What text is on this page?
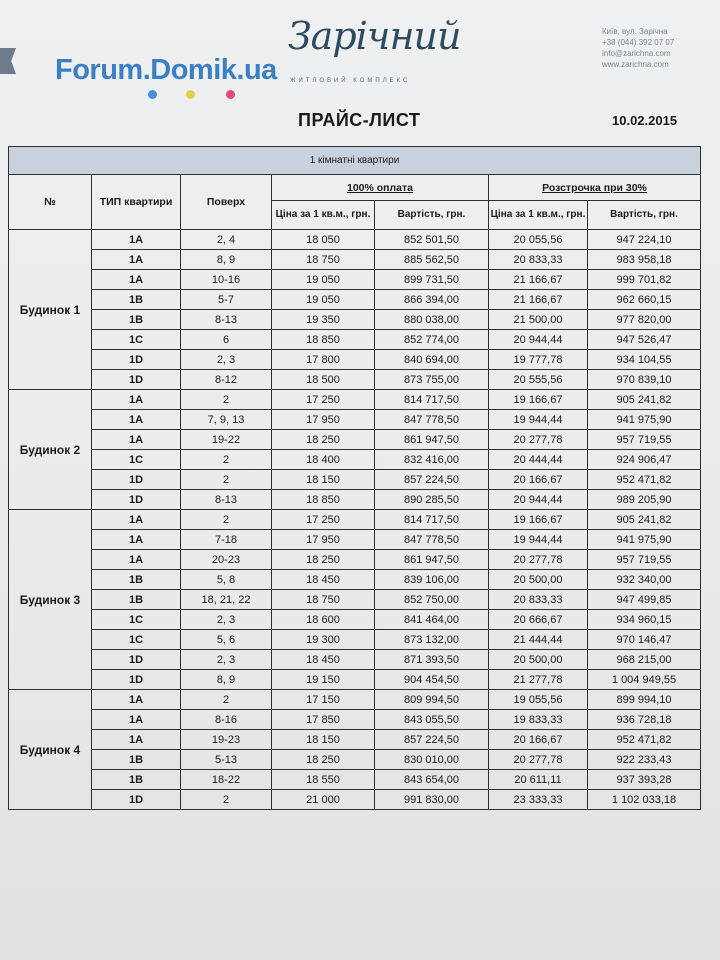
Зарічний
ЖИТЛОВИЙ КОМПЛЕКС
Forum.Domik.ua
Київ, вул. Зарічна
+38 (044) 392 07 07
info@zarichna.com
www.zarichna.com
ПРАЙС-ЛИСТ	10.02.2015
1 кімнатні квартири						
№	ТИП квартири	Поверх	100% оплата		Розстрочка при 30%	
			Ціна за 1 кв.м., грн.	Вартість, грн.	Ціна за 1 кв.м., грн.	Вартість, грн.
Будинок 1	1A	2, 4	18 050	852 501,50	20 055,56	947 224,10
	1A	8, 9	18 750	885 562,50	20 833,33	983 958,18
	1A	10-16	19 050	899 731,50	21 166,67	999 701,82
	1B	5-7	19 050	866 394,00	21 166,67	962 660,15
	1B	8-13	19 350	880 038,00	21 500,00	977 820,00
	1C	6	18 850	852 774,00	20 944,44	947 526,47
	1D	2, 3	17 800	840 694,00	19 777,78	934 104,55
	1D	8-12	18 500	873 755,00	20 555,56	970 839,10
Будинок 2	1A	2	17 250	814 717,50	19 166,67	905 241,82
	1A	7, 9, 13	17 950	847 778,50	19 944,44	941 975,90
	1A	19-22	18 250	861 947,50	20 277,78	957 719,55
	1C	2	18 400	832 416,00	20 444,44	924 906,47
	1D	2	18 150	857 224,50	20 166,67	952 471,82
	1D	8-13	18 850	890 285,50	20 944,44	989 205,90
Будинок 3	1A	2	17 250	814 717,50	19 166,67	905 241,82
	1A	7-18	17 950	847 778,50	19 944,44	941 975,90
	1A	20-23	18 250	861 947,50	20 277,78	957 719,55
	1B	5, 8	18 450	839 106,00	20 500,00	932 340,00
	1B	18, 21, 22	18 750	852 750,00	20 833,33	947 499,85
	1C	2, 3	18 600	841 464,00	20 666,67	934 960,15
	1C	5, 6	19 300	873 132,00	21 444,44	970 146,47
	1D	2, 3	18 450	871 393,50	20 500,00	968 215,00
	1D	8, 9	19 150	904 454,50	21 277,78	1 004 949,55
Будинок 4	1A	2	17 150	809 994,50	19 055,56	899 994,10
	1A	8-16	17 850	843 055,50	19 833,33	936 728,18
	1A	19-23	18 150	857 224,50	20 166,67	952 471,82
	1B	5-13	18 250	830 010,00	20 277,78	922 233,43
	1B	18-22	18 550	843 654,00	20 611,11	937 393,28
	1D	2	21 000	991 830,00	23 333,33	1 102 033,18
